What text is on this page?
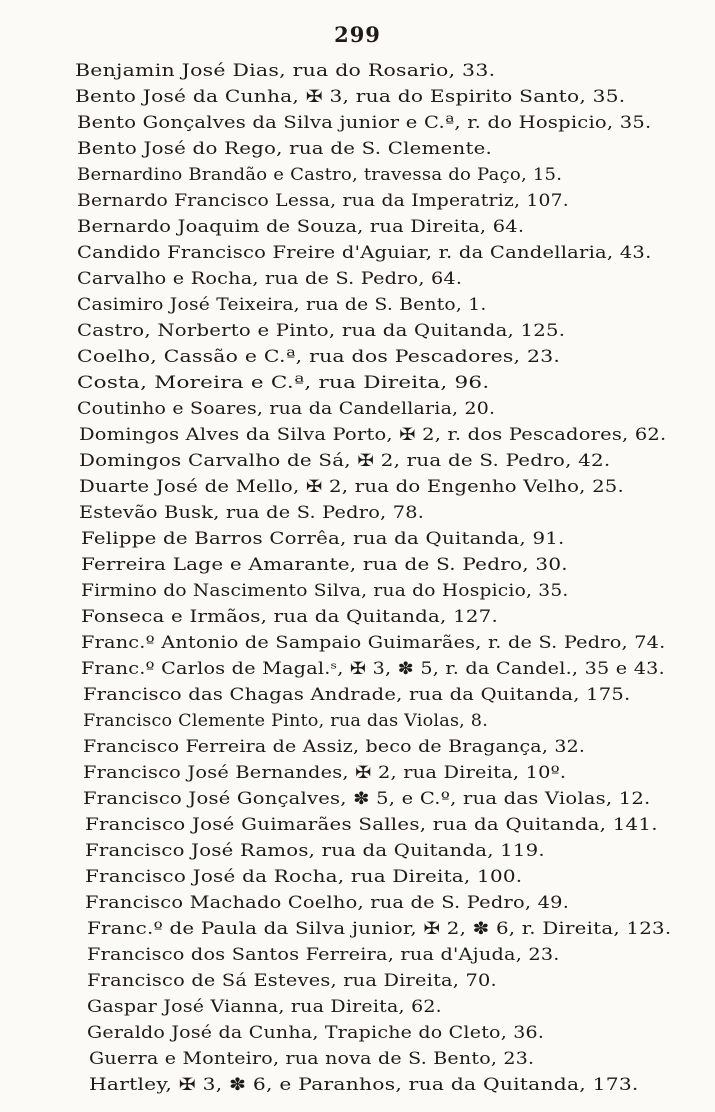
299
Benjamin José Dias, rua do Rosario, 33.
Bento José da Cunha, ✠ 3, rua do Espirito Santo, 35.
Bento Gonçalves da Silva junior e C.ª, r. do Hospicio, 35.
Bento José do Rego, rua de S. Clemente.
Bernardino Brandão e Castro, travessa do Paço, 15.
Bernardo Francisco Lessa, rua da Imperatriz, 107.
Bernardo Joaquim de Souza, rua Direita, 64.
Candido Francisco Freire d'Aguiar, r. da Candellaria, 43.
Carvalho e Rocha, rua de S. Pedro, 64.
Casimiro José Teixeira, rua de S. Bento, 1.
Castro, Norberto e Pinto, rua da Quitanda, 125.
Coelho, Cassão e C.ª, rua dos Pescadores, 23.
Costa, Moreira e C.ª, rua Direita, 96.
Coutinho e Soares, rua da Candellaria, 20.
Domingos Alves da Silva Porto, ✠ 2, r. dos Pescadores, 62.
Domingos Carvalho de Sá, ✠ 2, rua de S. Pedro, 42.
Duarte José de Mello, ✠ 2, rua do Engenho Velho, 25.
Estevão Busk, rua de S. Pedro, 78.
Felippe de Barros Corrêa, rua da Quitanda, 91.
Ferreira Lage e Amarante, rua de S. Pedro, 30.
Firmino do Nascimento Silva, rua do Hospicio, 35.
Fonseca e Irmãos, rua da Quitanda, 127.
Franc.º Antonio de Sampaio Guimarães, r. de S. Pedro, 74.
Franc.º Carlos de Magal.ˢ, ✠ 3, ✽ 5, r. da Candel., 35 e 43.
Francisco das Chagas Andrade, rua da Quitanda, 175.
Francisco Clemente Pinto, rua das Violas, 8.
Francisco Ferreira de Assiz, beco de Bragança, 32.
Francisco José Bernandes, ✠ 2, rua Direita, 10º.
Francisco José Gonçalves, ✽ 5, e C.º, rua das Violas, 12.
Francisco José Guimarães Salles, rua da Quitanda, 141.
Francisco José Ramos, rua da Quitanda, 119.
Francisco José da Rocha, rua Direita, 100.
Francisco Machado Coelho, rua de S. Pedro, 49.
Franc.º de Paula da Silva junior, ✠ 2, ✽ 6, r. Direita, 123.
Francisco dos Santos Ferreira, rua d'Ajuda, 23.
Francisco de Sá Esteves, rua Direita, 70.
Gaspar José Vianna, rua Direita, 62.
Geraldo José da Cunha, Trapiche do Cleto, 36.
Guerra e Monteiro, rua nova de S. Bento, 23.
Hartley, ✠ 3, ✽ 6, e Paranhos, rua da Quitanda, 173.
